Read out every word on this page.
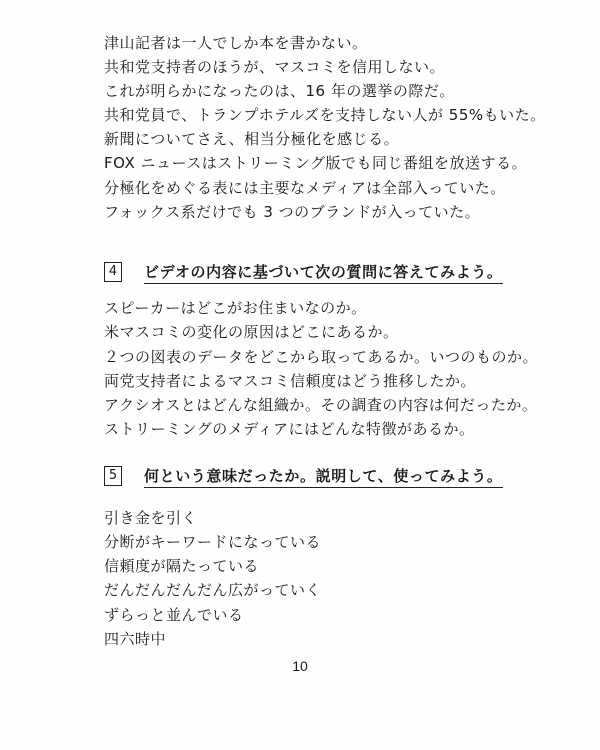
津山記者は一人でしか本を書かない。
共和党支持者のほうが、マスコミを信用しない。
これが明らかになったのは、16 年の選挙の際だ。
共和党員で、トランプホテルズを支持しない人が 55%もいた。
新聞についてさえ、相当分極化を感じる。
FOX ニュースはストリーミング版でも同じ番組を放送する。
分極化をめぐる表には主要なメディアは全部入っていた。
フォックス系だけでも 3 つのブランドが入っていた。
4	ビデオの内容に基づいて次の質問に答えてみよう。
スピーカーはどこがお住まいなのか。
米マスコミの変化の原因はどこにあるか。
２つの図表のデータをどこから取ってあるか。いつのものか。
両党支持者によるマスコミ信頼度はどう推移したか。
アクシオスとはどんな組織か。その調査の内容は何だったか。
ストリーミングのメディアにはどんな特徴があるか。
5	何という意味だったか。説明して、使ってみよう。
引き金を引く
分断がキーワードになっている
信頼度が隔たっている
だんだんだんだん広がっていく
ずらっと並んでいる
四六時中
10
